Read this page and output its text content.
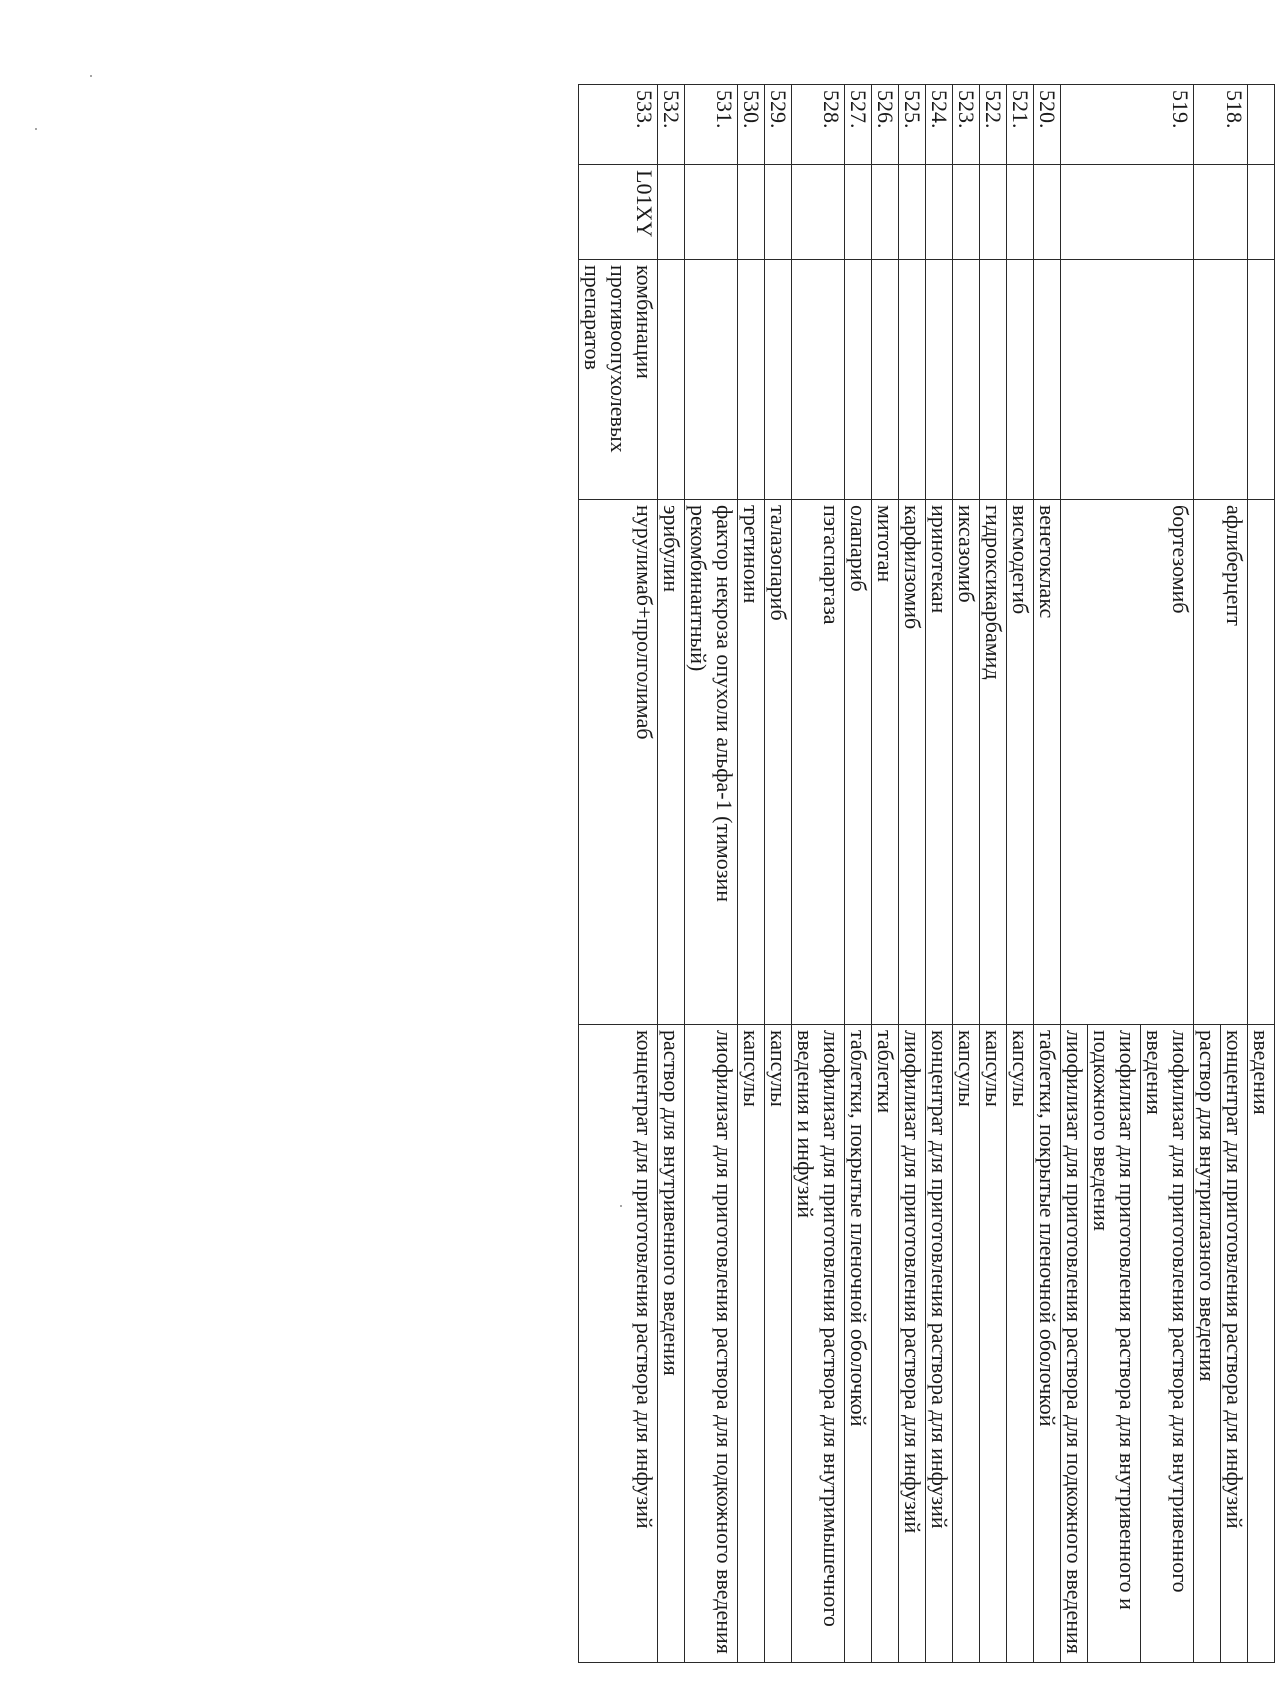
				введения
518.			афлиберцепт	концентрат для приготовления раствора для инфузий
				раствор для внутриглазного введения
519.			бортезомиб	лиофилизат для приготовления раствора для внутривенного введения
				лиофилизат для приготовления раствора для внутривенного и подкожного введения
				лиофилизат для приготовления раствора для подкожного введения
520.			венетоклакс	таблетки, покрытые пленочной оболочкой
521.			висмодегиб	капсулы
522.			гидроксикарбамид	капсулы
523.			иксазомиб	капсулы
524.			иринотекан	концентрат для приготовления раствора для инфузий
525.			карфилзомиб	лиофилизат для приготовления раствора для инфузий
526.			митотан	таблетки
527.			олапариб	таблетки, покрытые пленочной оболочкой
528.			пэгаспаргаза	лиофилизат для приготовления раствора для внутримышечного введения и инфузий
529.			талазопариб	капсулы
530.			третиноин	капсулы
531.			фактор некроза опухоли альфа-1 (тимозин рекомбинантный)	лиофилизат для приготовления раствора для подкожного введения
532.			эрибулин	раствор для внутривенного введения
533.	L01XY	комбинации противоопухолевых препаратов	нурулимаб+пролголимаб	концентрат для приготовления раствора для инфузий
